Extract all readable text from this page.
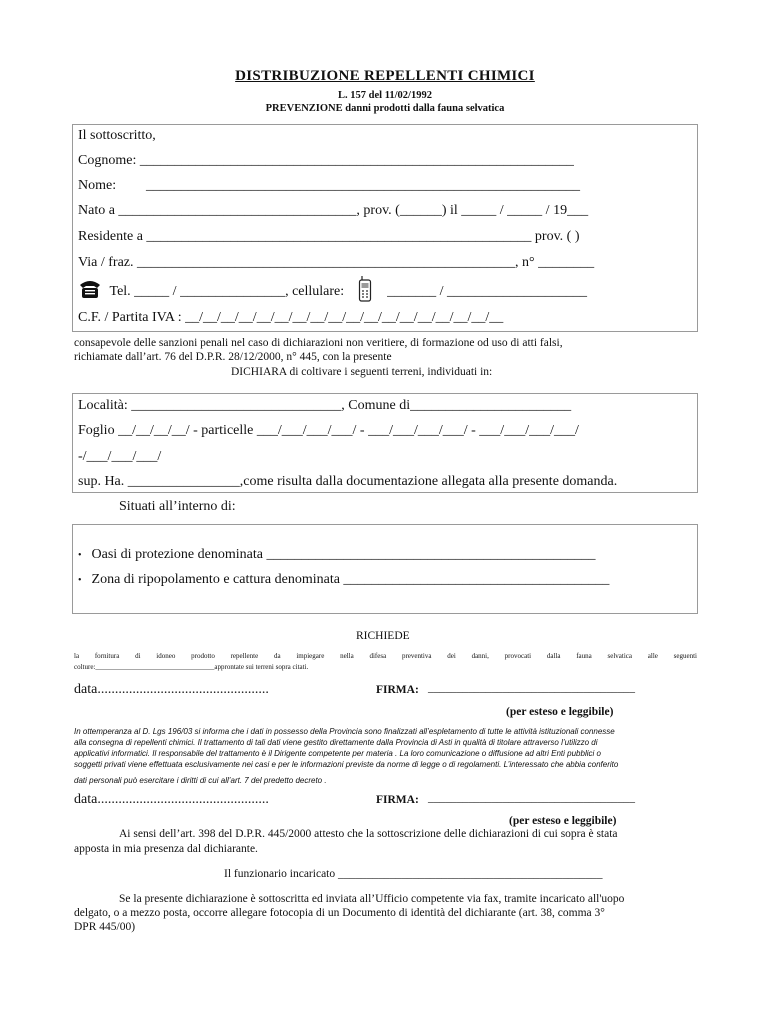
DISTRIBUZIONE REPELLENTI CHIMICI
L. 157 del 11/02/1992
PREVENZIONE danni prodotti dalla fauna selvatica
Il sottoscritto,
Cognome: ______________________________________________________________
Nome: ______________________________________________________________
Nato a __________________________________, prov. (______) il _____ / _____ / 19___
Residente a _______________________________________________________ prov. ( )
Via / fraz. ______________________________________________________, n° ________
Tel. _____ / _______________, cellulare:	_______ / ____________________
C.F. / Partita IVA : __/__/__/__/__/__/__/__/__/__/__/__/__/__/__/__/__/__
consapevole delle sanzioni penali nel caso di dichiarazioni non veritiere, di formazione od uso di atti falsi,
richiamate dall’art. 76 del D.P.R. 28/12/2000, n° 445, con la presente
DICHIARA di coltivare i seguenti terreni, individuati in:
Località: ______________________________, Comune di_______________________
Foglio __/__/__/__/ - particelle ___/___/___/___/ - ___/___/___/___/ - ___/___/___/___/
-/___/___/___/
sup. Ha. ________________,come risulta dalla documentazione allegata alla presente domanda.
Situati all’interno di:
• Oasi di protezione denominata _______________________________________________
• Zona di ripopolamento e cattura denominata ______________________________________
RICHIEDE
la fornitura di idoneo prodotto repellente da impiegare nella difesa preventiva dei danni, provocati dalla fauna selvatica alle seguenti
colture:__________________________________approntate sui terreni sopra citati.
data.................................................	FIRMA: ____________________________________
(per esteso e leggibile)
In ottemperanza al D. Lgs 196/03 si informa che i dati in possesso della Provincia sono finalizzati all’espletamento di tutte le attività istituzionali connesse
alla consegna di repellenti chimici. Il trattamento di tali dati viene gestito direttamente dalla Provincia di Asti in qualità di titolare attraverso l’utilizzo di
applicativi informatici. Il responsabile del trattamento è il Dirigente competente per materia . La loro comunicazione o diffusione ad altri Enti pubblici o
soggetti privati viene effettuata esclusivamente nei casi e per le informazioni previste da norme di legge o di regolamenti. L’interessato che abbia conferito
dati personali può esercitare i diritti di cui all’art. 7 del predetto decreto .
data.................................................	FIRMA: ____________________________________
(per esteso e leggibile)
Ai sensi dell’art. 398 del D.P.R. 445/2000 attesto che la sottoscrizione delle dichiarazioni di cui sopra è stata
apposta in mia presenza dal dichiarante.
Il funzionario incaricato ______________________________________________
Se la presente dichiarazione è sottoscritta ed inviata all’Ufficio competente via fax, tramite incaricato all'uopo
delgato, o a mezzo posta, occorre allegare fotocopia di un Documento di identità del dichiarante (art. 38, comma 3°
DPR 445/00)
